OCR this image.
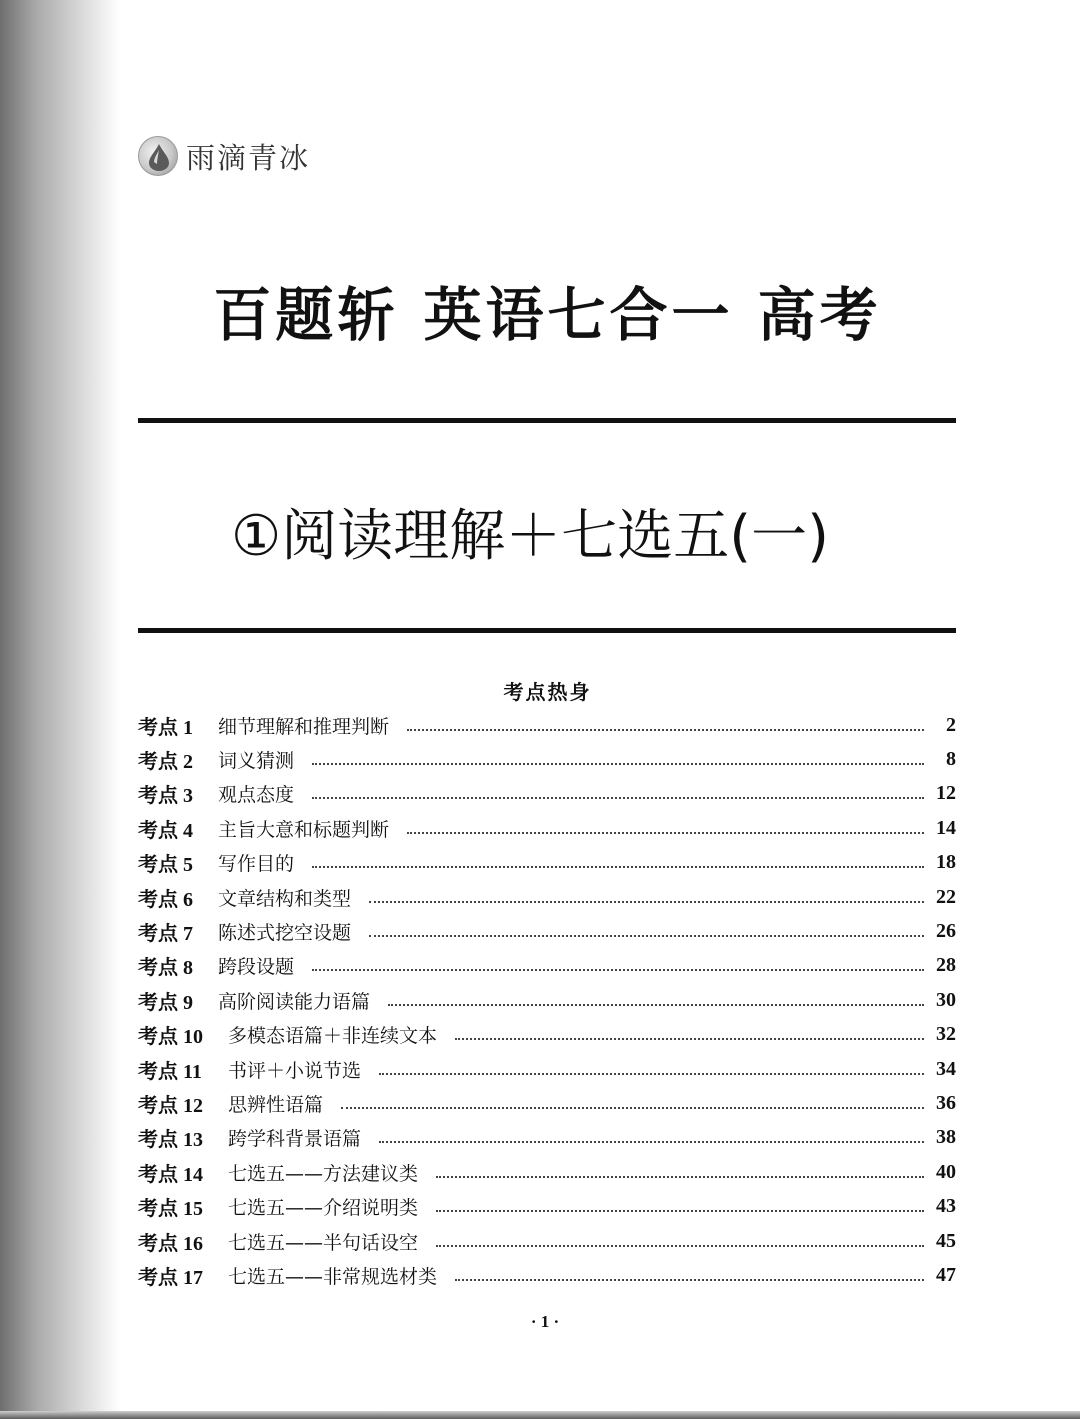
雨滴青冰
百题斩 英语七合一 高考
①阅读理解＋七选五(一)
考点热身
考点 1	细节理解和推理判断	2
考点 2	词义猜测	8
考点 3	观点态度	12
考点 4	主旨大意和标题判断	14
考点 5	写作目的	18
考点 6	文章结构和类型	22
考点 7	陈述式挖空设题	26
考点 8	跨段设题	28
考点 9	高阶阅读能力语篇	30
考点 10	多模态语篇＋非连续文本	32
考点 11	书评＋小说节选	34
考点 12	思辨性语篇	36
考点 13	跨学科背景语篇	38
考点 14	七选五——方法建议类	40
考点 15	七选五——介绍说明类	43
考点 16	七选五——半句话设空	45
考点 17	七选五——非常规选材类	47
· 1 ·
